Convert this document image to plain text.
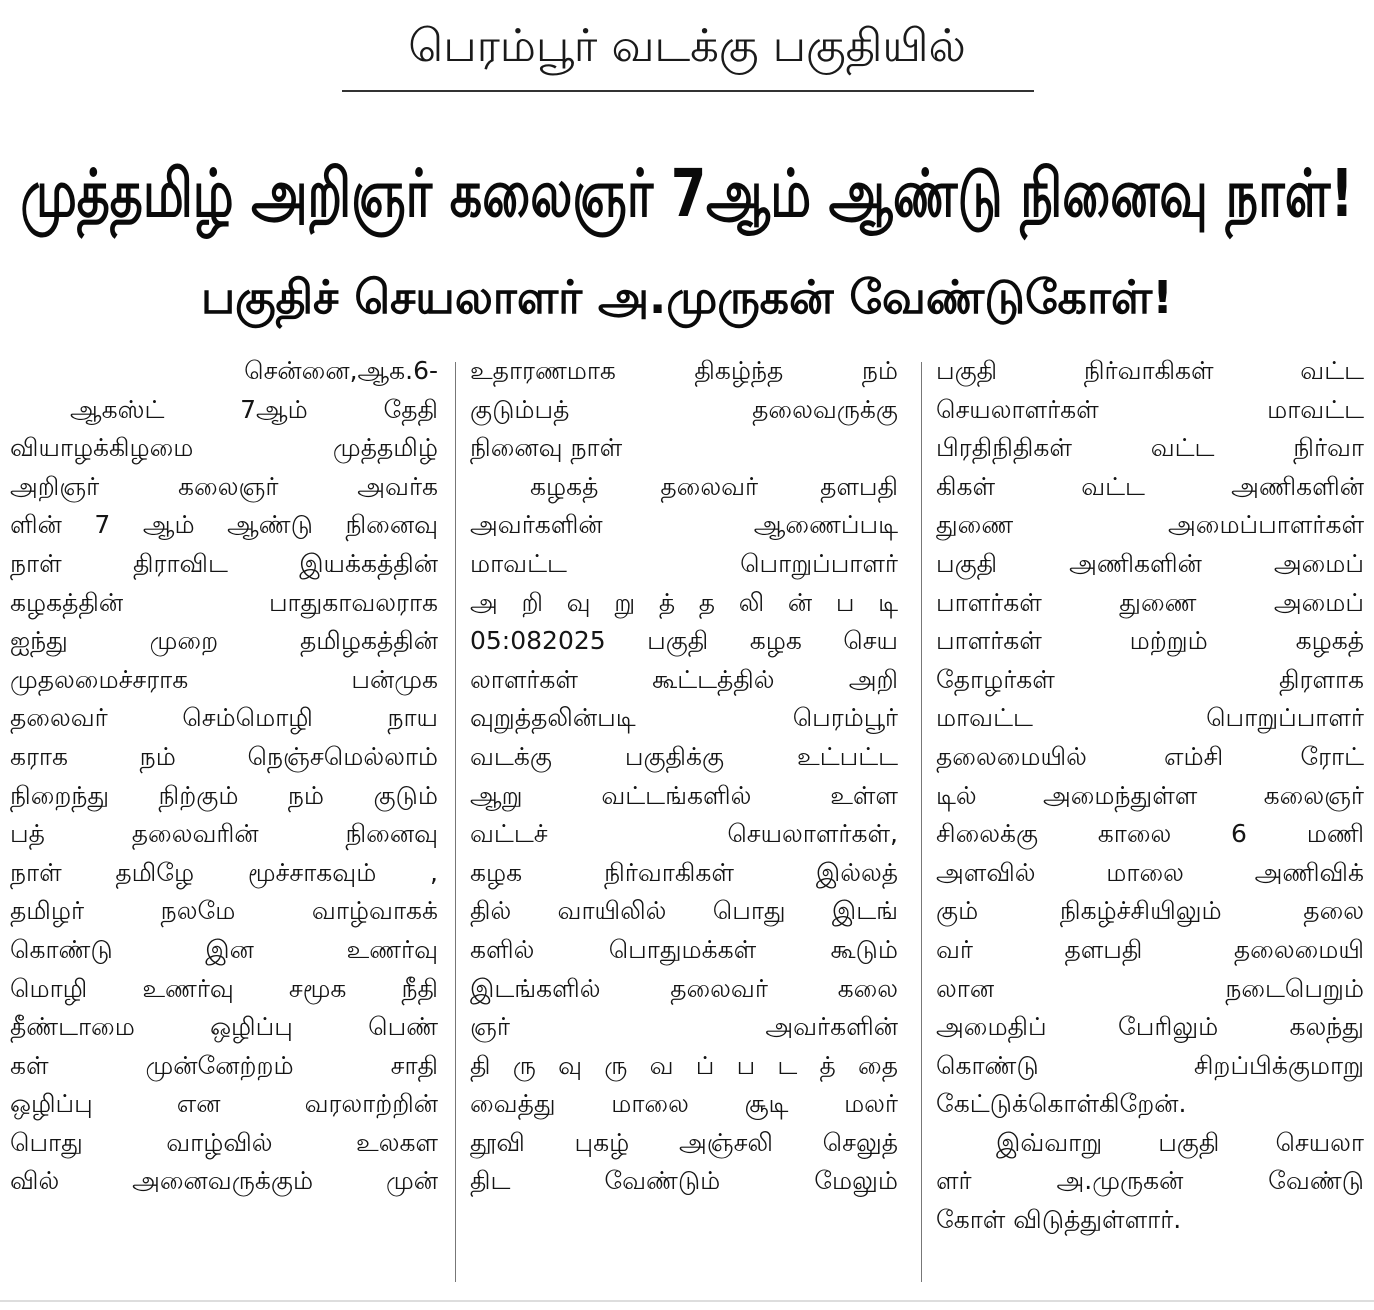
பெரம்பூர் வடக்கு பகுதியில்
முத்தமிழ் அறிஞர் கலைஞர் 7ஆம் ஆண்டு நினைவு நாள்!
பகுதிச் செயலாளர் அ.முருகன் வேண்டுகோள்!
சென்னை,ஆக.6-
ஆகஸ்ட் 7ஆம் தேதி
வியாழக்கிழமை முத்தமிழ்
அறிஞர் கலைஞர் அவர்க
ளின் 7 ஆம் ஆண்டு நினைவு
நாள் திராவிட இயக்கத்தின்
கழகத்தின் பாதுகாவலராக
ஐந்து முறை தமிழகத்தின்
முதலமைச்சராக பன்முக
தலைவர் செம்மொழி நாய
கராக நம் நெஞ்சமெல்லாம்
நிறைந்து நிற்கும் நம் குடும்
பத் தலைவரின் நினைவு
நாள் தமிழே மூச்சாகவும் ,
தமிழர் நலமே வாழ்வாகக்
கொண்டு இன உணர்வு
மொழி உணர்வு சமூக நீதி
தீண்டாமை ஒழிப்பு பெண்
கள் முன்னேற்றம் சாதி
ஒழிப்பு என வரலாற்றின்
பொது வாழ்வில் உலகள
வில் அனைவருக்கும் முன்
உதாரணமாக திகழ்ந்த நம்
குடும்பத் தலைவருக்கு
நினைவு நாள்
கழகத் தலைவர் தளபதி
அவர்களின் ஆணைப்படி
மாவட்ட பொறுப்பாளர்
அ றி வு று த் த லி ன் ப டி
05:082025 பகுதி கழக செய
லாளர்கள் கூட்டத்தில் அறி
வுறுத்தலின்படி பெரம்பூர்
வடக்கு பகுதிக்கு உட்பட்ட
ஆறு வட்டங்களில் உள்ள
வட்டச் செயலாளர்கள்,
கழக நிர்வாகிகள் இல்லத்
தில் வாயிலில் பொது இடங்
களில் பொதுமக்கள் கூடும்
இடங்களில் தலைவர் கலை
ஞர் அவர்களின்
தி ரு வு ரு வ ப் ப ட த் தை
வைத்து மாலை சூடி மலர்
தூவி புகழ் அஞ்சலி செலுத்
திட வேண்டும் மேலும்
பகுதி நிர்வாகிகள் வட்ட
செயலாளர்கள் மாவட்ட
பிரதிநிதிகள் வட்ட நிர்வா
கிகள் வட்ட அணிகளின்
துணை அமைப்பாளர்கள்
பகுதி அணிகளின் அமைப்
பாளர்கள் துணை அமைப்
பாளர்கள் மற்றும் கழகத்
தோழர்கள் திரளாக
மாவட்ட பொறுப்பாளர்
தலைமையில் எம்சி ரோட்
டில் அமைந்துள்ள கலைஞர்
சிலைக்கு காலை 6 மணி
அளவில் மாலை அணிவிக்
கும் நிகழ்ச்சியிலும் தலை
வர் தளபதி தலைமையி
லான நடைபெறும்
அமைதிப் பேரிலும் கலந்து
கொண்டு சிறப்பிக்குமாறு
கேட்டுக்கொள்கிறேன்.
இவ்வாறு பகுதி செயலா
ளர் அ.முருகன் வேண்டு
கோள் விடுத்துள்ளார்.
